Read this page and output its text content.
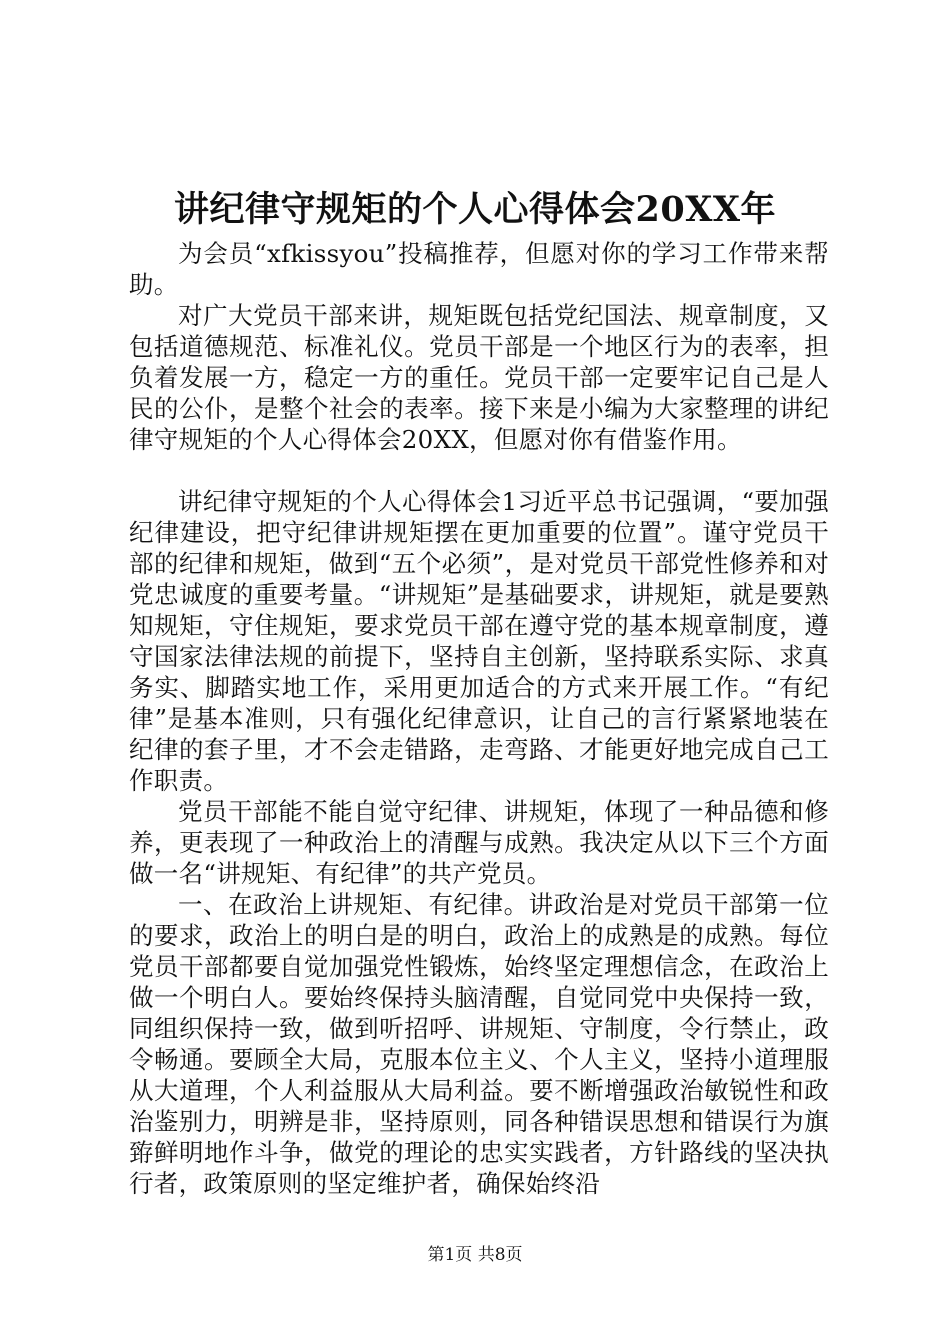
讲纪律守规矩的个人心得体会20XX年

为会员“xfkissyou”投稿推荐，但愿对你的学习工作带来帮助。

对广大党员干部来讲，规矩既包括党纪国法、规章制度，又包括道德规范、标准礼仪。党员干部是一个地区行为的表率，担负着发展一方，稳定一方的重任。党员干部一定要牢记自己是人民的公仆，是整个社会的表率。接下来是小编为大家整理的讲纪律守规矩的个人心得体会20XX，但愿对你有借鉴作用。

讲纪律守规矩的个人心得体会1习近平总书记强调，“要加强纪律建设，把守纪律讲规矩摆在更加重要的位置”。谨守党员干部的纪律和规矩，做到“五个必须”，是对党员干部党性修养和对党忠诚度的重要考量。“讲规矩”是基础要求，讲规矩，就是要熟知规矩，守住规矩，要求党员干部在遵守党的基本规章制度，遵守国家法律法规的前提下，坚持自主创新，坚持联系实际、求真务实、脚踏实地工作，采用更加适合的方式来开展工作。“有纪律”是基本准则，只有强化纪律意识，让自己的言行紧紧地装在纪律的套子里，才不会走错路，走弯路、才能更好地完成自己工作职责。

党员干部能不能自觉守纪律、讲规矩，体现了一种品德和修养，更表现了一种政治上的清醒与成熟。我决定从以下三个方面做一名“讲规矩、有纪律”的共产党员。

一、在政治上讲规矩、有纪律。讲政治是对党员干部第一位的要求，政治上的明白是的明白，政治上的成熟是的成熟。每位党员干部都要自觉加强党性锻炼，始终坚定理想信念，在政治上做一个明白人。要始终保持头脑清醒，自觉同党中央保持一致，同组织保持一致，做到听招呼、讲规矩、守制度，令行禁止，政令畅通。要顾全大局，克服本位主义、个人主义，坚持小道理服从大道理，个人利益服从大局利益。要不断增强政治敏锐性和政治鉴别力，明辨是非，坚持原则，同各种错误思想和错误行为旗臶鲜明地作斗争，做党的理论的忠实实践者，方针路线的坚决执行者，政策原则的坚定维护者，确保始终沿

第1页 共8页
